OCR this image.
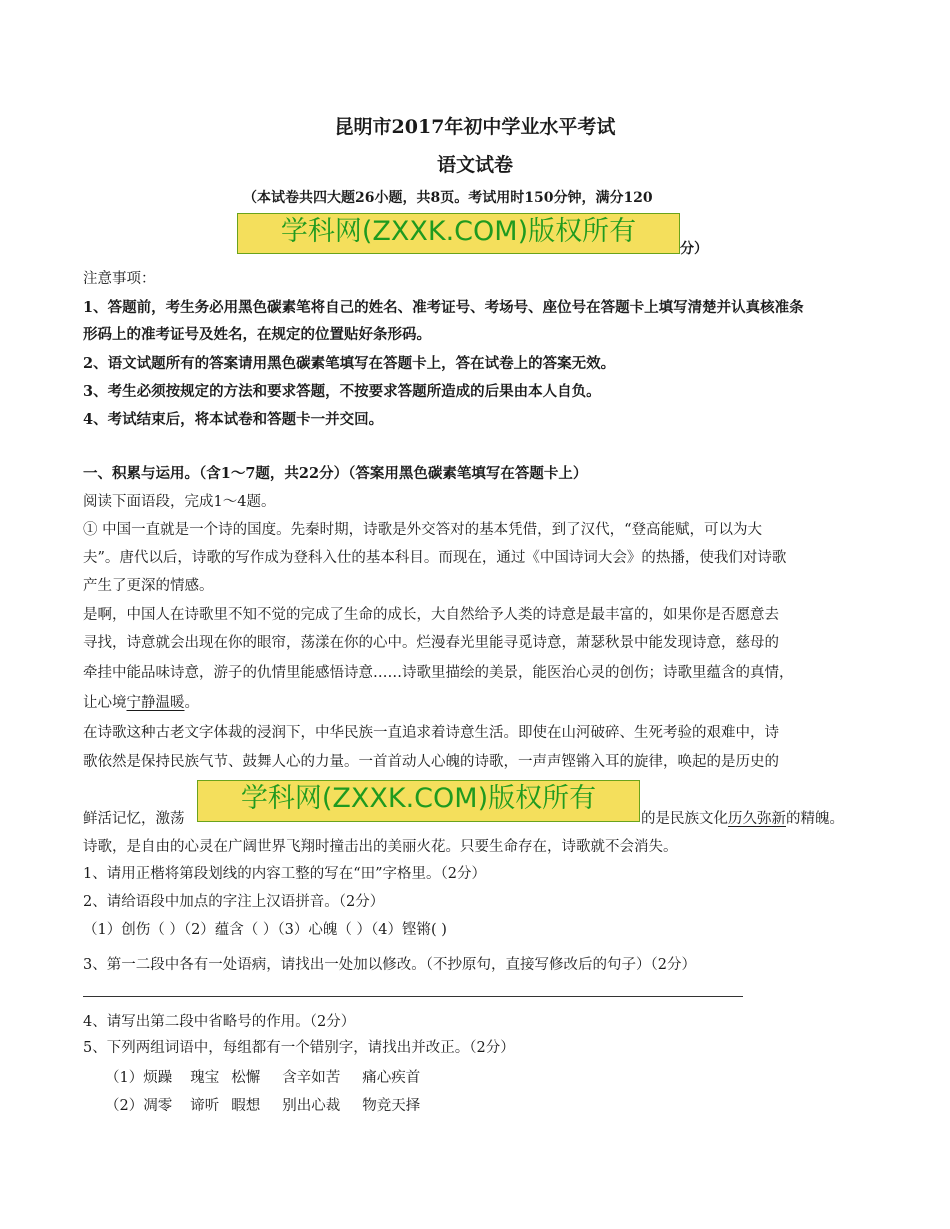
昆明市2017年初中学业水平考试
语文试卷
（本试卷共四大题26小题，共8页。考试用时150分钟，满分120
学科网(ZXXK.COM)版权所有
分）
注意事项：
1、答题前，考生务必用黑色碳素笔将自己的姓名、准考证号、考场号、座位号在答题卡上填写清楚并认真核准条
形码上的准考证号及姓名，在规定的位置贴好条形码。
2、语文试题所有的答案请用黑色碳素笔填写在答题卡上，答在试卷上的答案无效。
3、考生必须按规定的方法和要求答题，不按要求答题所造成的后果由本人自负。
4、考试结束后，将本试卷和答题卡一并交回。
一、积累与运用。（含1～7题，共22分）（答案用黑色碳素笔填写在答题卡上）
阅读下面语段，完成1～4题。
① 中国一直就是一个诗的国度。先秦时期，诗歌是外交答对的基本凭借，到了汉代，“登高能赋，可以为大
夫”。唐代以后，诗歌的写作成为登科入仕的基本科目。而现在，通过《中国诗词大会》的热播，使我们对诗歌
产生了更深的情感。
是啊，中国人在诗歌里不知不觉的完成了生命的成长，大自然给予人类的诗意是最丰富的，如果你是否愿意去
寻找，诗意就会出现在你的眼帘，荡漾在你的心中。烂漫春光里能寻觅诗意，萧瑟秋景中能发现诗意，慈母的
牵挂中能品味诗意，游子的仇情里能感悟诗意……诗歌里描绘的美景，能医治心灵的创伤；诗歌里蕴含的真情，
让心境宁静温暖。
在诗歌这种古老文字体裁的浸润下，中华民族一直追求着诗意生活。即使在山河破碎、生死考验的艰难中，诗
歌依然是保持民族气节、鼓舞人心的力量。一首首动人心魄的诗歌，一声声铿锵入耳的旋律，唤起的是历史的
鲜活记忆，激荡
学科网(ZXXK.COM)版权所有
的是民族文化历久弥新的精魄。
诗歌，是自由的心灵在广阔世界飞翔时撞击出的美丽火花。只要生命存在，诗歌就不会消失。
1、请用正楷将第段划线的内容工整的写在“田”字格里。（2分）
2、请给语段中加点的字注上汉语拼音。（2分）
（1）创伤（ ）（2）蕴含（ ）（3）心魄（ ）（4）铿锵( )
3、第一二段中各有一处语病，请找出一处加以修改。（不抄原句，直接写修改后的句子）（2分）
4、请写出第二段中省略号的作用。（2分）
5、下列两组词语中，每组都有一个错别字，请找出并改正。（2分）
（1）烦躁 瑰宝 松懈 含辛如苦 痛心疾首
（2）凋零 谛听 暇想 别出心裁 物竞天择
